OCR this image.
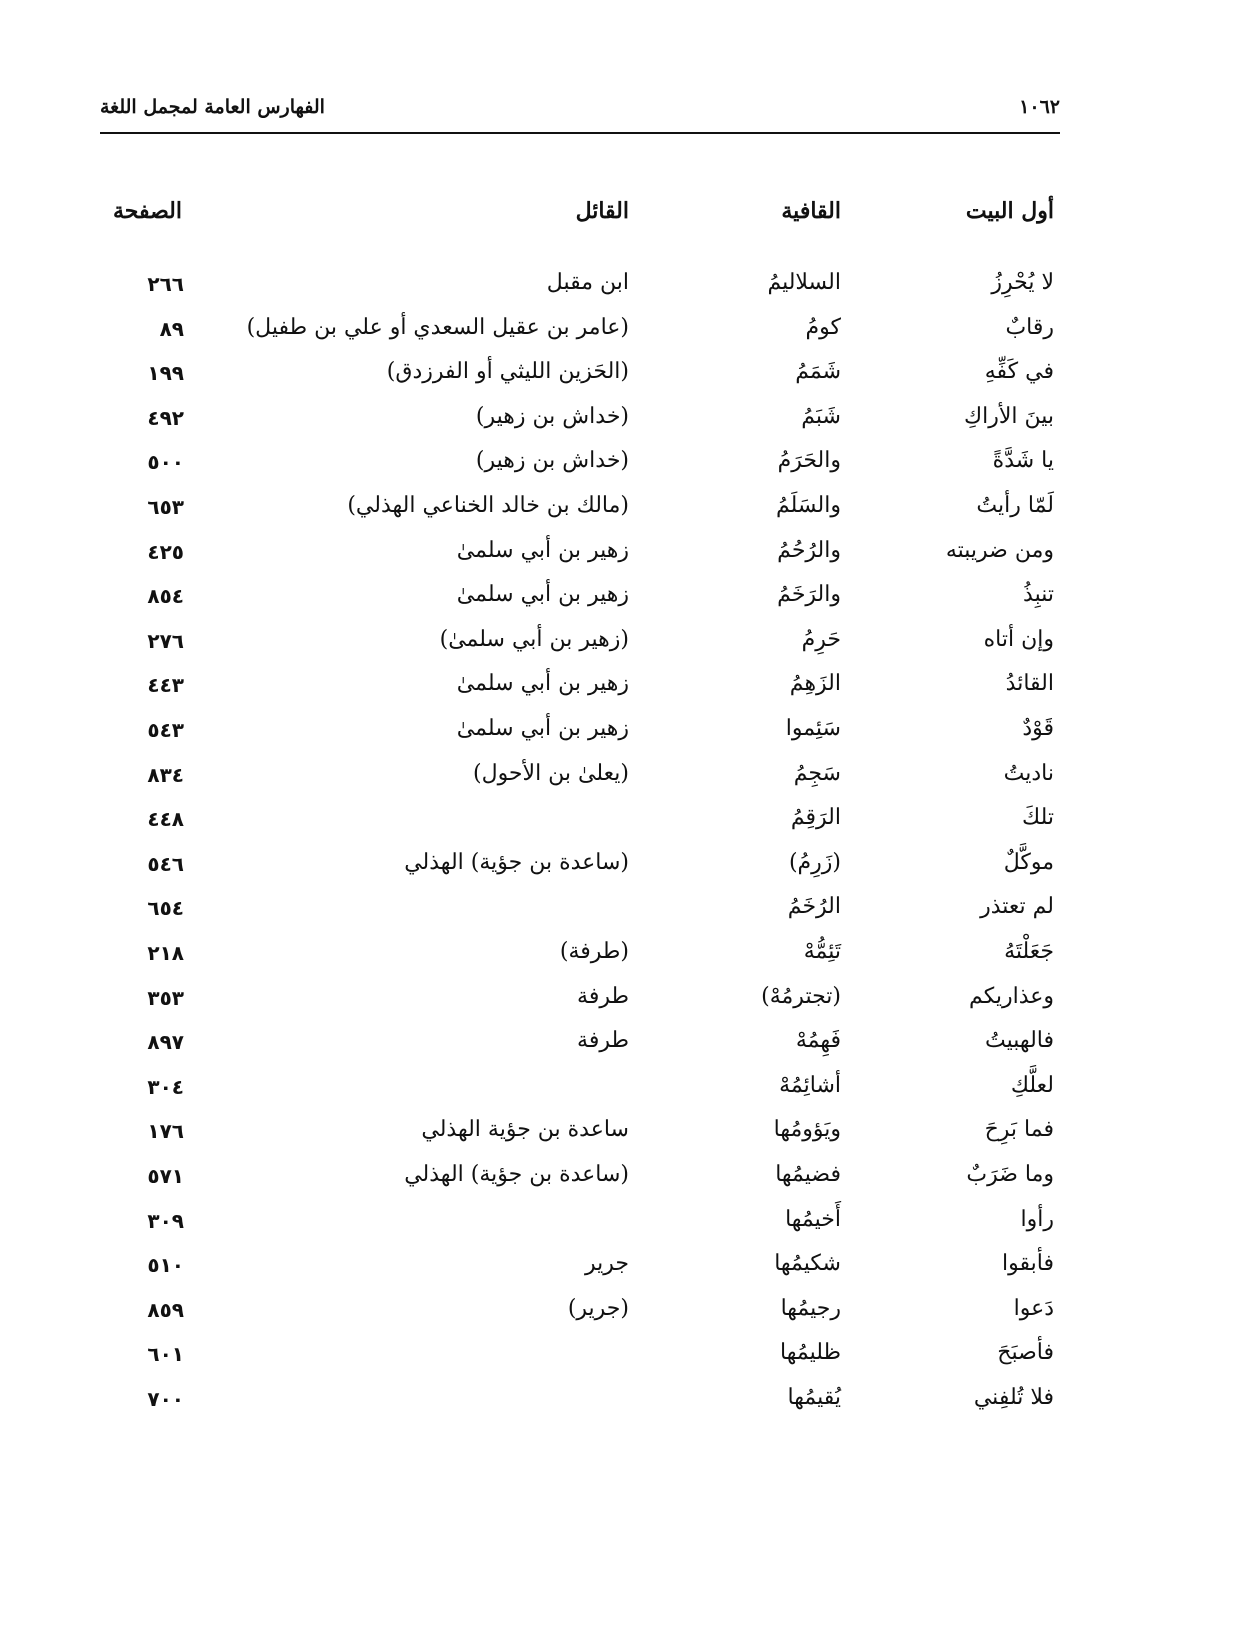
الفهارس العامة لمجمل اللغة	١٠٦٢
أول البيت
القافية
القائل
الصفحة
لا يُحْرِزُ
السلاليمُ
ابن مقبل
٢٦٦
رقابٌ
كومُ
(عامر بن عقيل السعدي أو علي بن طفيل)
٨٩
في كَفِّهِ
شَمَمُ
(الحَزين الليثي أو الفرزدق)
١٩٩
بينَ الأراكِ
شَبَمُ
(خداش بن زهير)
٤٩٢
يا شَدَّةً
والحَرَمُ
(خداش بن زهير)
٥٠٠
لَمّا رأيتُ
والسَلَمُ
(مالك بن خالد الخناعي الهذلي)
٦٥٣
ومن ضريبته
والرُحُمُ
زهير بن أبي سلمىٰ
٤٢٥
تنبِذُ
والرَخَمُ
زهير بن أبي سلمىٰ
٨٥٤
وإن أتاه
حَرِمُ
(زهير بن أبي سلمىٰ)
٢٧٦
القائدُ
الزَهِمُ
زهير بن أبي سلمىٰ
٤٤٣
قَوْدٌ
سَئِموا
زهير بن أبي سلمىٰ
٥٤٣
ناديتُ
سَجِمُ
(يعلىٰ بن الأحول)
٨٣٤
تلكَ
الرَقِمُ
٤٤٨
موكَّلٌ
(زَرِمُ)
(ساعدة بن جؤية) الهذلي
٥٤٦
لم تعتذر
الرُخَمُ
٦٥٤
جَعَلْتَهُ
تَئِمُّهْ
(طرفة)
٢١٨
وعذاريكم
(تجترمُهْ)
طرفة
٣٥٣
فالهبيتُ
فَهِمُهْ
طرفة
٨٩٧
لعلَّكِ
أشائِمُهْ
٣٠٤
فما بَرِحَ
ويَؤومُها
ساعدة بن جؤية الهذلي
١٧٦
وما ضَرَبٌ
فضيمُها
(ساعدة بن جؤية) الهذلي
٥٧١
رأوا
أَخيمُها
٣٠٩
فأبقوا
شكيمُها
جرير
٥١٠
دَعوا
رجيمُها
(جرير)
٨٥٩
فأصبَحَ
ظليمُها
٦٠١
فلا تُلفِني
يُقيمُها
٧٠٠
